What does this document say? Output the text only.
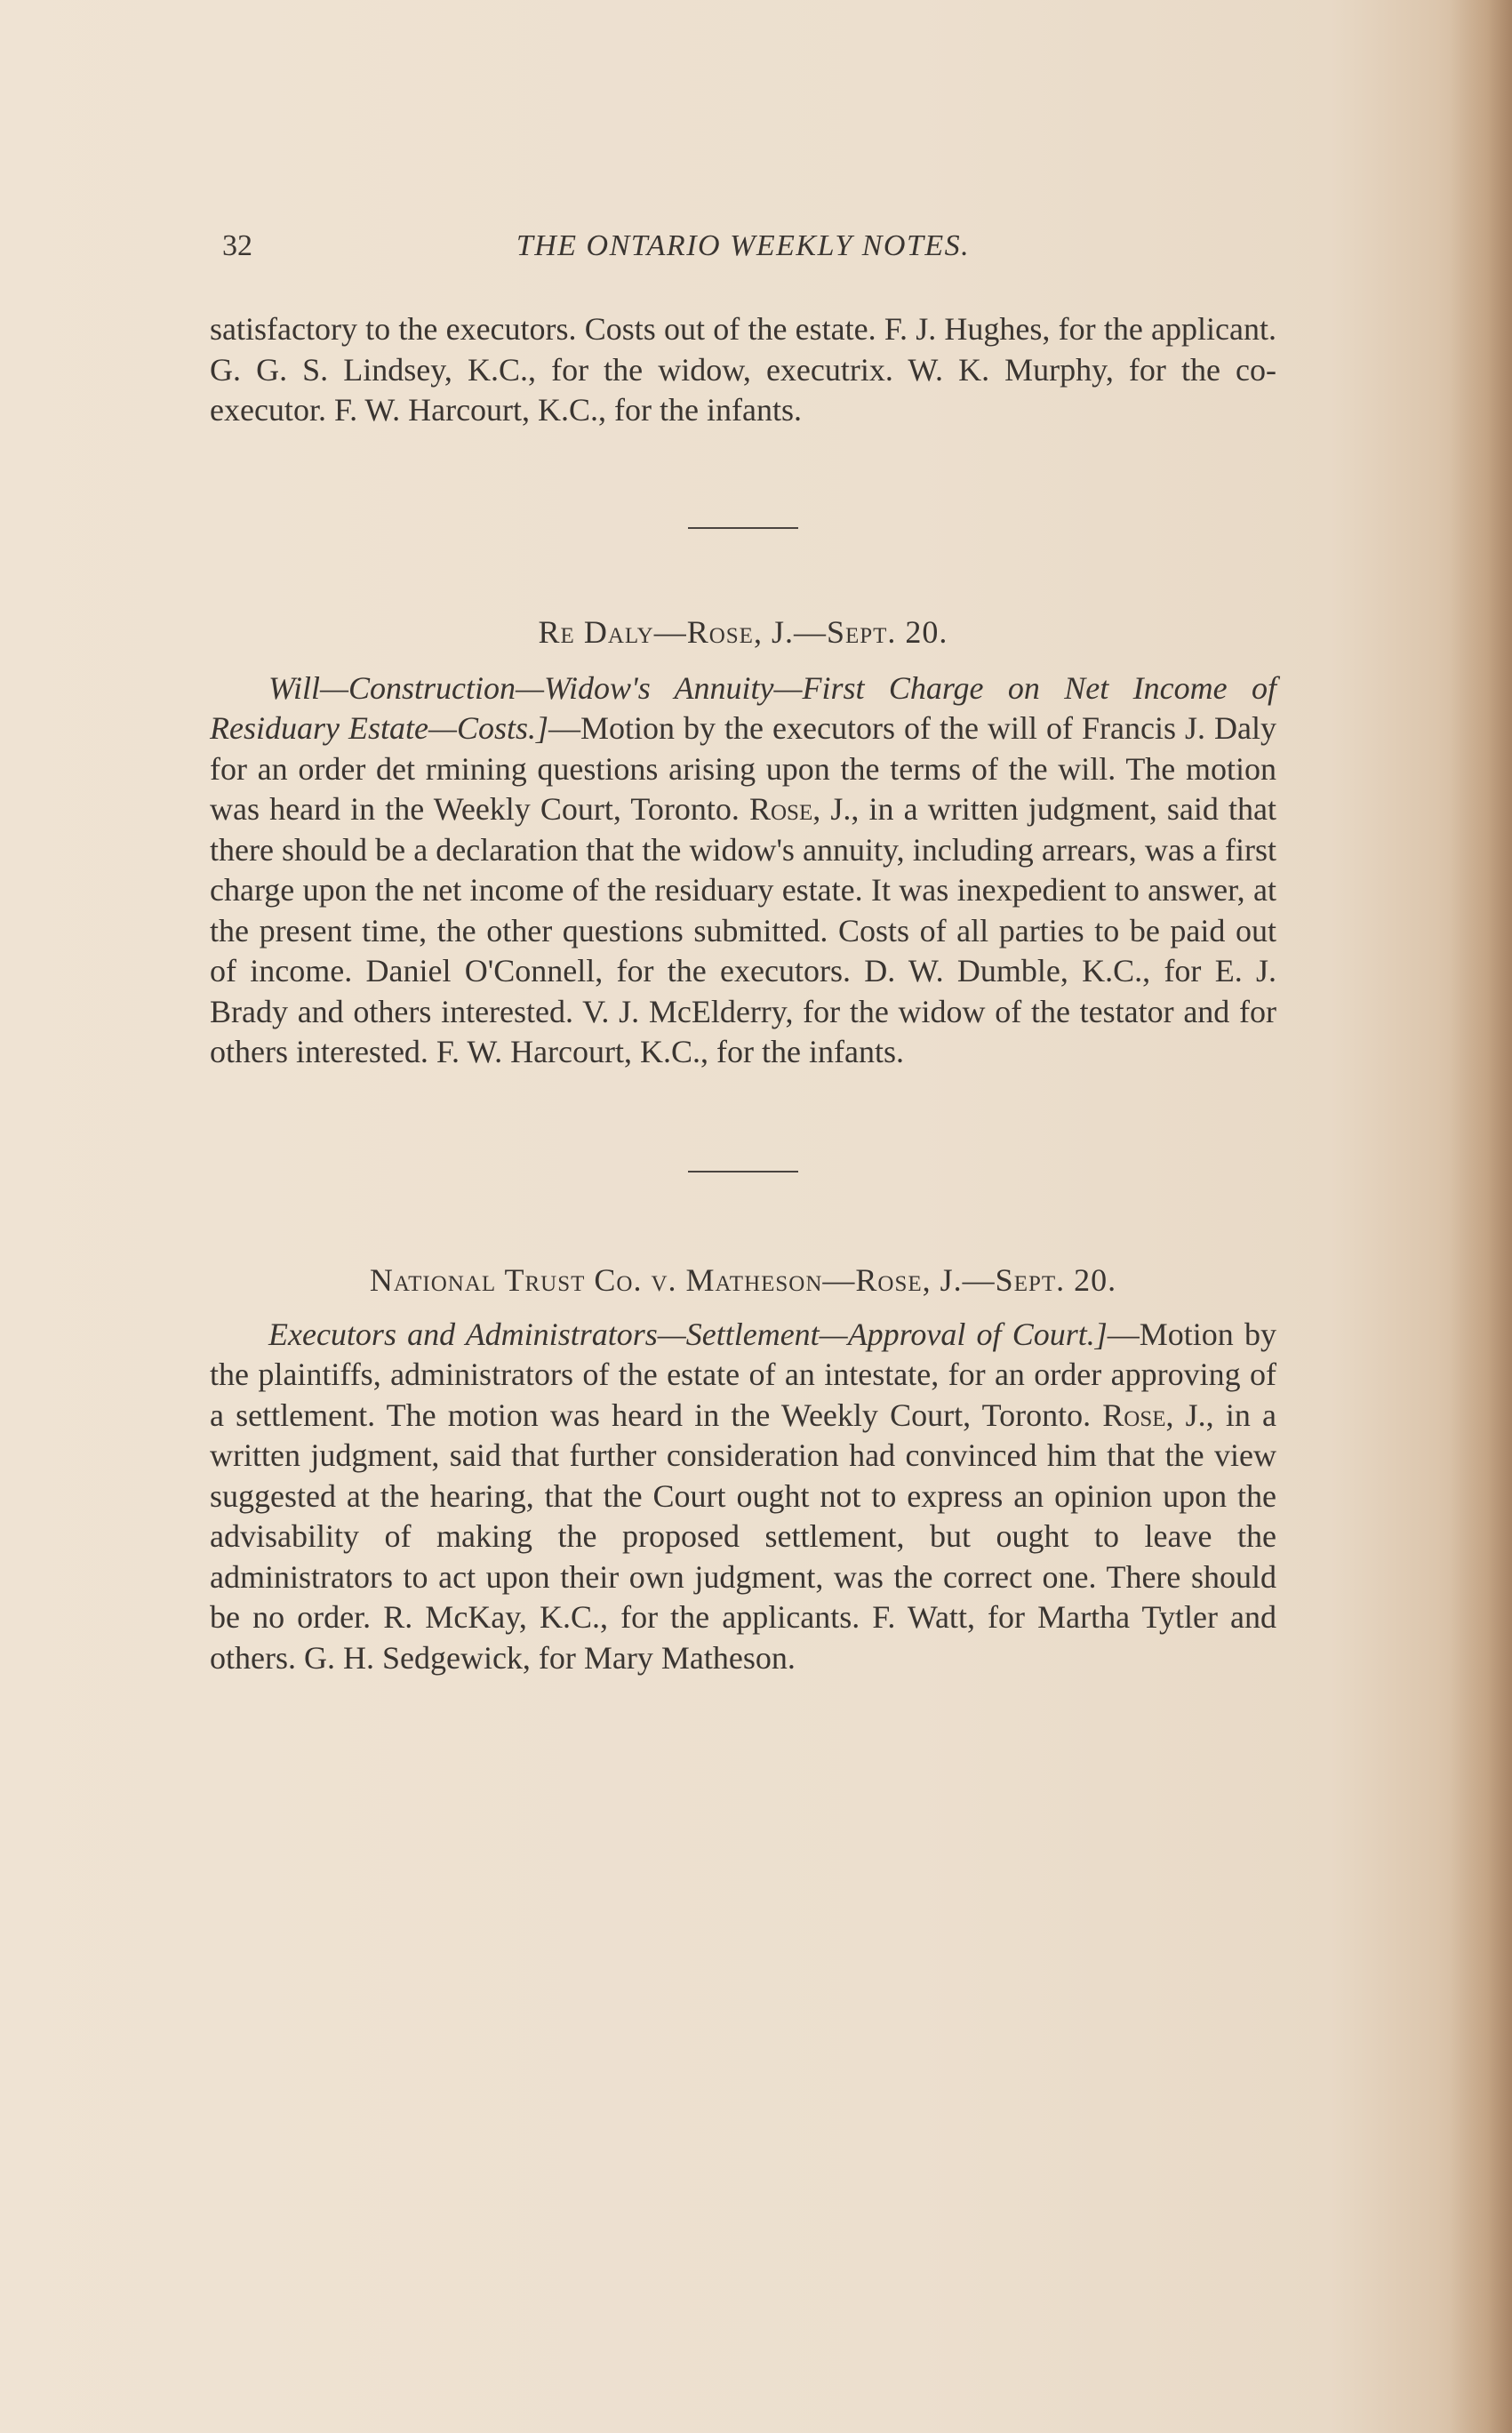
32	THE ONTARIO WEEKLY NOTES.

satisfactory to the executors. Costs out of the estate. F. J. Hughes, for the applicant. G. G. S. Lindsey, K.C., for the widow, executrix. W. K. Murphy, for the co-executor. F. W. Harcourt, K.C., for the infants.

Re Daly—Rose, J.—Sept. 20.

Will—Construction—Widow's Annuity—First Charge on Net Income of Residuary Estate—Costs.]—Motion by the executors of the will of Francis J. Daly for an order det rmining questions arising upon the terms of the will. The motion was heard in the Weekly Court, Toronto. Rose, J., in a written judgment, said that there should be a declaration that the widow's annuity, including arrears, was a first charge upon the net income of the residuary estate. It was inexpedient to answer, at the present time, the other questions submitted. Costs of all parties to be paid out of income. Daniel O'Connell, for the executors. D. W. Dumble, K.C., for E. J. Brady and others interested. V. J. McElderry, for the widow of the testator and for others interested. F. W. Harcourt, K.C., for the infants.

National Trust Co. v. Matheson—Rose, J.—Sept. 20.

Executors and Administrators—Settlement—Approval of Court.]—Motion by the plaintiffs, administrators of the estate of an intestate, for an order approving of a settlement. The motion was heard in the Weekly Court, Toronto. Rose, J., in a written judgment, said that further consideration had convinced him that the view suggested at the hearing, that the Court ought not to express an opinion upon the advisability of making the proposed settlement, but ought to leave the administrators to act upon their own judgment, was the correct one. There should be no order. R. McKay, K.C., for the applicants. F. Watt, for Martha Tytler and others. G. H. Sedgewick, for Mary Matheson.
